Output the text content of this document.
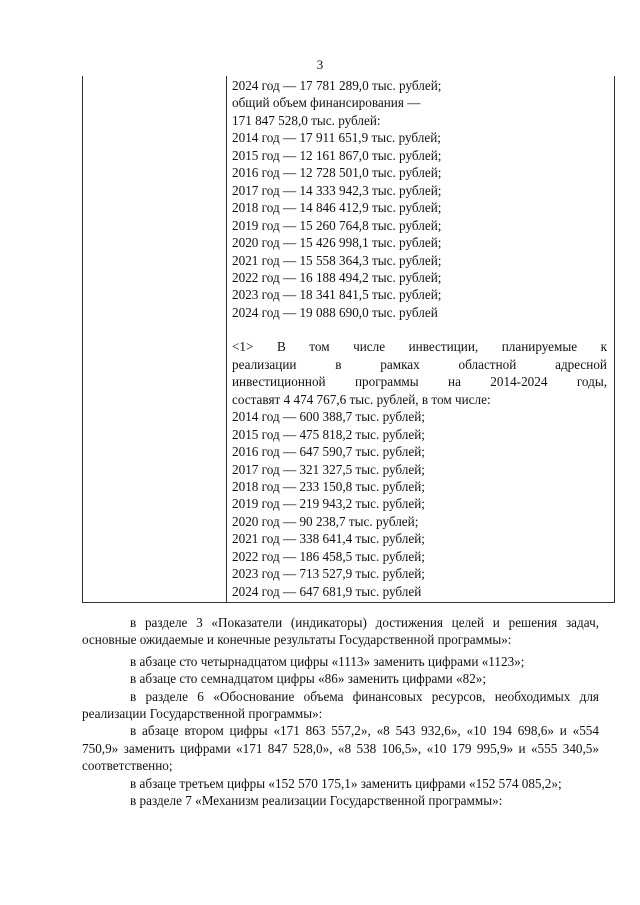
3
2024 год — 17 781 289,0 тыс. рублей;
общий объем финансирования —
171 847 528,0 тыс. рублей:
2014 год — 17 911 651,9 тыс. рублей;
2015 год — 12 161 867,0 тыс. рублей;
2016 год — 12 728 501,0 тыс. рублей;
2017 год — 14 333 942,3 тыс. рублей;
2018 год — 14 846 412,9 тыс. рублей;
2019 год — 15 260 764,8 тыс. рублей;
2020 год — 15 426 998,1 тыс. рублей;
2021 год — 15 558 364,3 тыс. рублей;
2022 год — 16 188 494,2 тыс. рублей;
2023 год — 18 341 841,5 тыс. рублей;
2024 год — 19 088 690,0 тыс. рублей
<1> В том числе инвестиции, планируемые к
реализации в рамках областной адресной
инвестиционной программы на 2014-2024 годы,
составят 4 474 767,6 тыс. рублей, в том числе:
2014 год — 600 388,7 тыс. рублей;
2015 год — 475 818,2 тыс. рублей;
2016 год — 647 590,7 тыс. рублей;
2017 год — 321 327,5 тыс. рублей;
2018 год — 233 150,8 тыс. рублей;
2019 год — 219 943,2 тыс. рублей;
2020 год — 90 238,7 тыс. рублей;
2021 год — 338 641,4 тыс. рублей;
2022 год — 186 458,5 тыс. рублей;
2023 год — 713 527,9 тыс. рублей;
2024 год — 647 681,9 тыс. рублей
в разделе 3 «Показатели (индикаторы) достижения целей и решения задач, основные ожидаемые и конечные результаты Государственной программы»:
в абзаце сто четырнадцатом цифры «1113» заменить цифрами «1123»;
в абзаце сто семнадцатом цифры «86» заменить цифрами «82»;
в разделе 6 «Обоснование объема финансовых ресурсов, необходимых для реализации Государственной программы»:
в абзаце втором цифры «171 863 557,2», «8 543 932,6», «10 194 698,6» и «554 750,9» заменить цифрами «171 847 528,0», «8 538 106,5», «10 179 995,9» и «555 340,5» соответственно;
в абзаце третьем цифры «152 570 175,1» заменить цифрами «152 574 085,2»;
в разделе 7 «Механизм реализации Государственной программы»:
